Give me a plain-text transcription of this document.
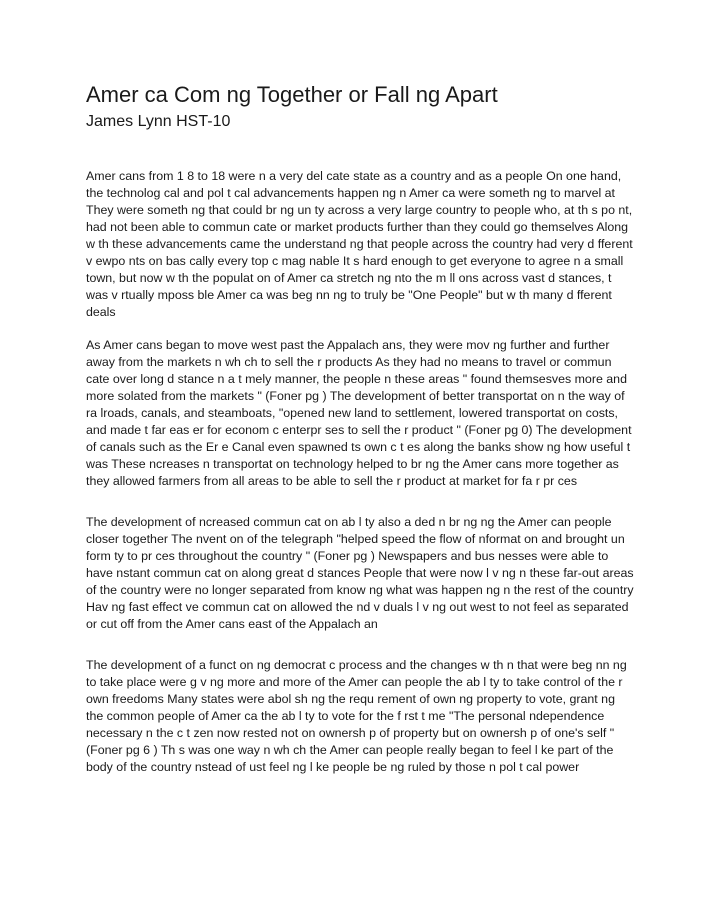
Amer ca Com ng Together or Fall ng Apart
James Lynn HST-10

Amer cans from 1 8 to 18 were n a very del cate state as a country and as a people On one hand, the technolog cal and pol t cal advancements happen ng n Amer ca were someth ng to marvel at They were someth ng that could br ng un ty across a very large country to people who, at th s po nt, had not been able to commun cate or market products further than they could go themselves Along w th these advancements came the understand ng that people across the country had very d fferent v ewpo nts on bas cally every top c mag nable It s hard enough to get everyone to agree n a small town, but now w th the populat on of Amer ca stretch ng nto the m ll ons across vast d stances, t was v rtually mposs ble Amer ca was beg nn ng to truly be "One People" but w th many d fferent deals

As Amer cans began to move west past the Appalach ans, they were mov ng further and further away from the markets n wh ch to sell the r products As they had no means to travel or commun cate over long d stance n a t mely manner, the people n these areas " found themsesves more and more solated from the markets " (Foner pg ) The development of better transportat on n the way of ra lroads, canals, and steamboats, "opened new land to settlement, lowered transportat on costs, and made t far eas er for econom c enterpr ses to sell the r product " (Foner pg 0) The development of canals such as the Er e Canal even spawned ts own c t es along the banks show ng how useful t was These ncreases n transportat on technology helped to br ng the Amer cans more together as they allowed farmers from all areas to be able to sell the r product at market for fa r pr ces

The development of ncreased commun cat on ab l ty also a ded n br ng ng the Amer can people closer together The nvent on of the telegraph "helped speed the flow of nformat on and brought un form ty to pr ces throughout the country " (Foner pg ) Newspapers and bus nesses were able to have nstant commun cat on along great d stances People that were now l v ng n these far-out areas of the country were no longer separated from know ng what was happen ng n the rest of the country Hav ng fast effect ve commun cat on allowed the nd v duals l v ng out west to not feel as separated or cut off from the Amer cans east of the Appalach an

The development of a funct on ng democrat c process and the changes w th n that were beg nn ng to take place were g v ng more and more of the Amer can people the ab l ty to take control of the r own freedoms Many states were abol sh ng the requ rement of own ng property to vote, grant ng the common people of Amer ca the ab l ty to vote for the f rst t me "The personal ndependence necessary n the c t zen now rested not on ownersh p of property but on ownersh p of one's self " (Foner pg 6 ) Th s was one way n wh ch the Amer can people really began to feel l ke part of the body of the country nstead of ust feel ng l ke people be ng ruled by those n pol t cal power
